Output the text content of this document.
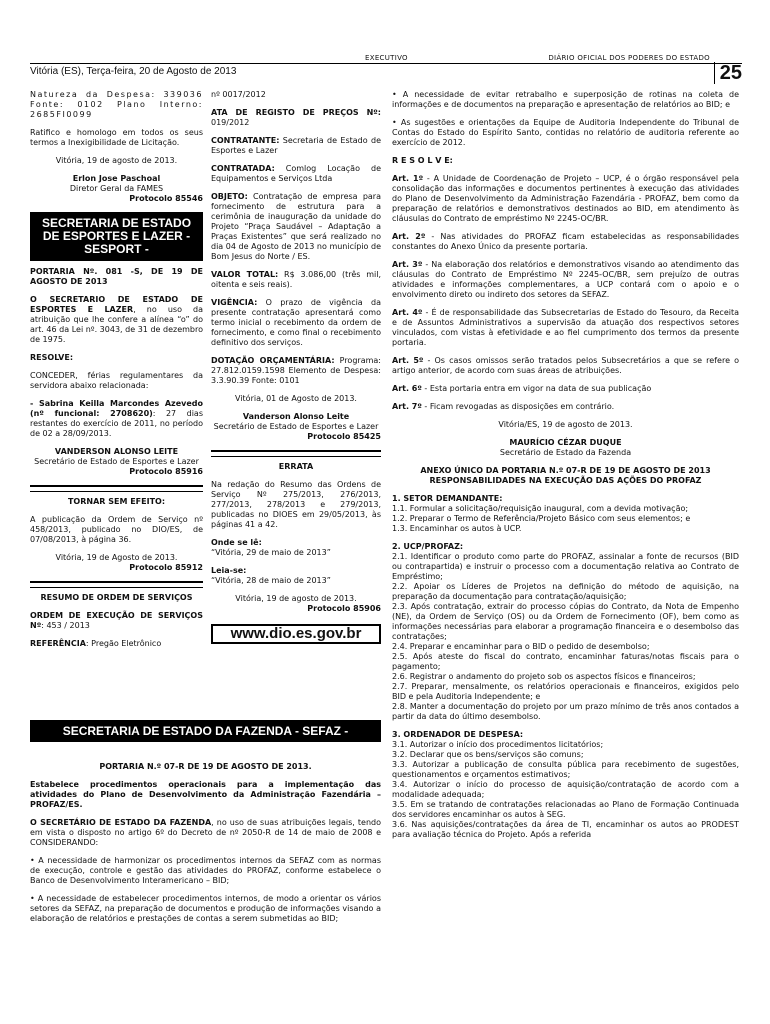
EXECUTIVO	DIÁRIO OFICIAL DOS PODERES DO ESTADO
Vitória (ES), Terça-feira, 20 de Agosto de 2013	25

Natureza da Despesa: 339036 Fonte: 0102 Plano Interno: 2685FI0099

Ratifico e homologo em todos os seus termos a Inexigibilidade de Licitação.

Vitória, 19 de agosto de 2013.

Erlon Jose Paschoal
Diretor Geral da FAMES
Protocolo 85546
SECRETARIA DE ESTADO DE ESPORTES E LAZER - SESPORT -

PORTARIA Nº. 081 -S, DE 19 DE AGOSTO DE 2013

O SECRETARIO DE ESTADO DE ESPORTES E LAZER, no uso da atribuição que lhe confere a alínea “o” do art. 46 da Lei nº. 3043, de 31 de dezembro de 1975.

RESOLVE:

CONCEDER, férias regulamentares da servidora abaixo relacionada:

- Sabrina Keilla Marcondes Azevedo (nº funcional: 2708620): 27 dias restantes do exercício de 2011, no período de 02 a 28/09/2013.

VANDERSON ALONSO LEITE
Secretário de Estado de Esportes e Lazer
Protocolo 85916

TORNAR SEM EFEITO:

A publicação da Ordem de Serviço nº 458/2013, publicado no DIO/ES, de 07/08/2013, à página 36.

Vitória, 19 de Agosto de 2013.

Protocolo 85912

RESUMO DE ORDEM DE SERVIÇOS

ORDEM DE EXECUÇÃO DE SERVIÇOS Nº: 453 / 2013

REFERÊNCIA: Pregão Eletrônico

nº 0017/2012

ATA DE REGISTO DE PREÇOS Nº: 019/2012

CONTRATANTE: Secretaria de Estado de Esportes e Lazer

CONTRATADA: Comlog Locação de Equipamentos e Serviços Ltda

OBJETO: Contratação de empresa para fornecimento de estrutura para a cerimônia de inauguração da unidade do Projeto “Praça Saudável – Adaptação a Praças Existentes” que será realizado no dia 04 de Agosto de 2013 no município de Bom Jesus do Norte / ES.

VALOR TOTAL: R$ 3.086,00 (três mil, oitenta e seis reais).

VIGÊNCIA: O prazo de vigência da presente contratação apresentará como termo inicial o recebimento da ordem de fornecimento, e como final o recebimento definitivo dos serviços.

DOTAÇÃO ORÇAMENTÁRIA: Programa: 27.812.0159.1598 Elemento de Despesa: 3.3.90.39 Fonte: 0101

Vitória, 01 de Agosto de 2013.

Vanderson Alonso Leite
Secretário de Estado de Esportes e Lazer
Protocolo 85425

ERRATA

Na redação do Resumo das Ordens de Serviço Nº 275/2013, 276/2013, 277/2013, 278/2013 e 279/2013, publicadas no DIOES em 29/05/2013, às páginas 41 a 42.

Onde se lê:
“Vitória, 29 de maio de 2013”

Leia-se:
“Vitória, 28 de maio de 2013”

Vitória, 19 de agosto de 2013.

Protocolo 85906

www.dio.es.gov.br
SECRETARIA DE ESTADO DA FAZENDA - SEFAZ -

PORTARIA N.º 07-R DE 19 DE AGOSTO DE 2013.

Estabelece procedimentos operacionais para a implementação das atividades do Plano de Desenvolvimento da Administração Fazendária – PROFAZ/ES.

O SECRETÁRIO DE ESTADO DA FAZENDA, no uso de suas atribuições legais, tendo em vista o disposto no artigo 6º do Decreto de nº 2050-R de 14 de maio de 2008 e CONSIDERANDO:

• A necessidade de harmonizar os procedimentos internos da SEFAZ com as normas de execução, controle e gestão das atividades do PROFAZ, conforme estabelece o Banco de Desenvolvimento Interamericano – BID;

• A necessidade de estabelecer procedimentos internos, de modo a orientar os vários setores da SEFAZ, na preparação de documentos e produção de informações visando a elaboração de relatórios e prestações de contas a serem submetidas ao BID;

• A necessidade de evitar retrabalho e superposição de rotinas na coleta de informações e de documentos na preparação e apresentação de relatórios ao BID; e

• As sugestões e orientações da Equipe de Auditoria Independente do Tribunal de Contas do Estado do Espírito Santo, contidas no relatório de auditoria referente ao exercício de 2012.

R E S O L V E:

Art. 1º - A Unidade de Coordenação de Projeto – UCP, é o órgão responsável pela consolidação das informações e documentos pertinentes à execução das atividades do Plano de Desenvolvimento da Administração Fazendária - PROFAZ, bem como da preparação de relatórios e demonstrativos destinados ao BID, em atendimento às cláusulas do Contrato de empréstimo Nº 2245-OC/BR.

Art. 2º - Nas atividades do PROFAZ ficam estabelecidas as responsabilidades constantes do Anexo Único da presente portaria.

Art. 3º - Na elaboração dos relatórios e demonstrativos visando ao atendimento das cláusulas do Contrato de Empréstimo Nº 2245-OC/BR, sem prejuízo de outras atividades e informações complementares, a UCP contará com o apoio e o envolvimento direto ou indireto dos setores da SEFAZ.

Art. 4º - É de responsabilidade das Subsecretarias de Estado do Tesouro, da Receita e de Assuntos Administrativos a supervisão da atuação dos respectivos setores vinculados, com vistas à efetividade e ao fiel cumprimento dos termos da presente portaria.

Art. 5º - Os casos omissos serão tratados pelos Subsecretários a que se refere o artigo anterior, de acordo com suas áreas de atribuições.

Art. 6º - Esta portaria entra em vigor na data de sua publicação

Art. 7º - Ficam revogadas as disposições em contrário.

Vitória/ES, 19 de agosto de 2013.

MAURÍCIO CÉZAR DUQUE
Secretário de Estado da Fazenda
ANEXO ÚNICO DA PORTARIA N.º 07-R DE 19 DE AGOSTO DE 2013

RESPONSABILIDADES NA EXECUÇÃO DAS AÇÕES DO PROFAZ

1. SETOR DEMANDANTE:
1.1. Formular a solicitação/requisição inaugural, com a devida motivação;
1.2. Preparar o Termo de Referência/Projeto Básico com seus elementos; e

1.3. Encaminhar os autos à UCP.

2. UCP/PROFAZ:
2.1. Identificar o produto como parte do PROFAZ, assinalar a fonte de recursos (BID ou contrapartida) e instruir o processo com a documentação relativa ao Contrato de Empréstimo;
2.2. Apoiar os Líderes de Projetos na definição do método de aquisição, na preparação da documentação para contratação/aquisição;
2.3. Após contratação, extrair do processo cópias do Contrato, da Nota de Empenho (NE), da Ordem de Serviço (OS) ou da Ordem de Fornecimento (OF), bem como as informações necessárias para elaborar a programação financeira e o desembolso das contratações;
2.4. Preparar e encaminhar para o BID o pedido de desembolso;
2.5. Após ateste do fiscal do contrato, encaminhar faturas/notas fiscais para o pagamento;
2.6. Registrar o andamento do projeto sob os aspectos físicos e financeiros;
2.7. Preparar, mensalmente, os relatórios operacionais e financeiros, exigidos pelo BID e pela Auditoria Independente; e

2.8. Manter a documentação do projeto por um prazo mínimo de três anos contados a partir da data do último desembolso.

3. ORDENADOR DE DESPESA:
3.1. Autorizar o início dos procedimentos licitatórios;
3.2. Declarar que os bens/serviços são comuns;
3.3. Autorizar a publicação de consulta pública para recebimento de sugestões, questionamentos e orçamentos estimativos;
3.4. Autorizar o início do processo de aquisição/contratação de acordo com a modalidade adequada;
3.5. Em se tratando de contratações relacionadas ao Plano de Formação Continuada dos servidores encaminhar os autos à SEG.
3.6. Nas aquisições/contratações da área de TI, encaminhar os autos ao PRODEST para avaliação técnica do Projeto. Após a referida
